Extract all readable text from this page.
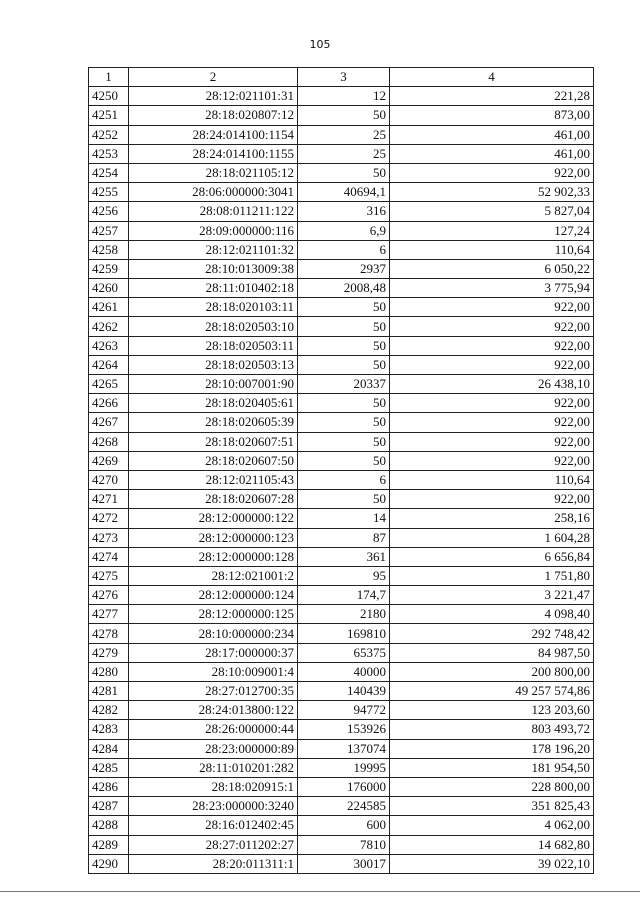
105
1	2	3	4
4250	28:12:021101:31	12	221,28
4251	28:18:020807:12	50	873,00
4252	28:24:014100:1154	25	461,00
4253	28:24:014100:1155	25	461,00
4254	28:18:021105:12	50	922,00
4255	28:06:000000:3041	40694,1	52 902,33
4256	28:08:011211:122	316	5 827,04
4257	28:09:000000:116	6,9	127,24
4258	28:12:021101:32	6	110,64
4259	28:10:013009:38	2937	6 050,22
4260	28:11:010402:18	2008,48	3 775,94
4261	28:18:020103:11	50	922,00
4262	28:18:020503:10	50	922,00
4263	28:18:020503:11	50	922,00
4264	28:18:020503:13	50	922,00
4265	28:10:007001:90	20337	26 438,10
4266	28:18:020405:61	50	922,00
4267	28:18:020605:39	50	922,00
4268	28:18:020607:51	50	922,00
4269	28:18:020607:50	50	922,00
4270	28:12:021105:43	6	110,64
4271	28:18:020607:28	50	922,00
4272	28:12:000000:122	14	258,16
4273	28:12:000000:123	87	1 604,28
4274	28:12:000000:128	361	6 656,84
4275	28:12:021001:2	95	1 751,80
4276	28:12:000000:124	174,7	3 221,47
4277	28:12:000000:125	2180	4 098,40
4278	28:10:000000:234	169810	292 748,42
4279	28:17:000000:37	65375	84 987,50
4280	28:10:009001:4	40000	200 800,00
4281	28:27:012700:35	140439	49 257 574,86
4282	28:24:013800:122	94772	123 203,60
4283	28:26:000000:44	153926	803 493,72
4284	28:23:000000:89	137074	178 196,20
4285	28:11:010201:282	19995	181 954,50
4286	28:18:020915:1	176000	228 800,00
4287	28:23:000000:3240	224585	351 825,43
4288	28:16:012402:45	600	4 062,00
4289	28:27:011202:27	7810	14 682,80
4290	28:20:011311:1	30017	39 022,10
